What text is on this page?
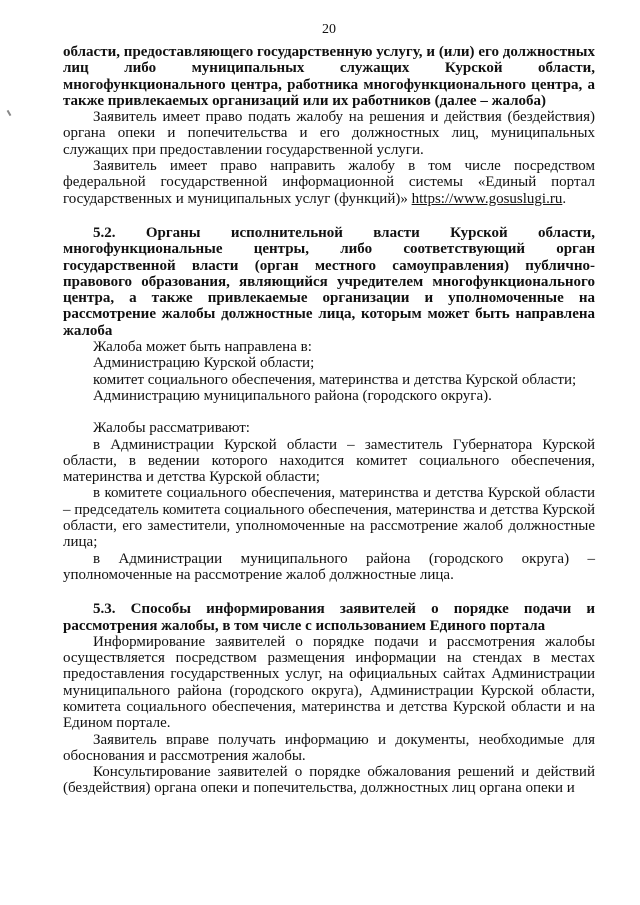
20

области, предоставляющего государственную услугу, и (или) его должностных лиц либо муниципальных служащих Курской области, многофункционального центра, работника многофункционального центра, а также привлекаемых организаций или их работников (далее – жалоба)

Заявитель имеет право подать жалобу на решения и действия (бездействия) органа опеки и попечительства и его должностных лиц, муниципальных служащих при предоставлении государственной услуги.

Заявитель имеет право направить жалобу в том числе посредством федеральной государственной информационной системы «Единый портал государственных и муниципальных услуг (функций)» https://www.gosuslugi.ru.

5.2. Органы исполнительной власти Курской области, многофункциональные центры, либо соответствующий орган государственной власти (орган местного самоуправления) публично-правового образования, являющийся учредителем многофункционального центра, а также привлекаемые организации и уполномоченные на рассмотрение жалобы должностные лица, которым может быть направлена жалоба

Жалоба может быть направлена в:

Администрацию Курской области;

комитет социального обеспечения, материнства и детства Курской области;

Администрацию муниципального района (городского округа).

Жалобы рассматривают:

в Администрации Курской области – заместитель Губернатора Курской области, в ведении которого находится комитет социального обеспечения, материнства и детства Курской области;

в комитете социального обеспечения, материнства и детства Курской области – председатель комитета социального обеспечения, материнства и детства Курской области, его заместители, уполномоченные на рассмотрение жалоб должностные лица;

в Администрации муниципального района (городского округа) – уполномоченные на рассмотрение жалоб должностные лица.

5.3. Способы информирования заявителей о порядке подачи и рассмотрения жалобы, в том числе с использованием Единого портала

Информирование заявителей о порядке подачи и рассмотрения жалобы осуществляется посредством размещения информации на стендах в местах предоставления государственных услуг, на официальных сайтах Администрации муниципального района (городского округа), Администрации Курской области, комитета социального обеспечения, материнства и детства Курской области и на Едином портале.

Заявитель вправе получать информацию и документы, необходимые для обоснования и рассмотрения жалобы.

Консультирование заявителей о порядке обжалования решений и действий (бездействия) органа опеки и попечительства, должностных лиц органа опеки и
